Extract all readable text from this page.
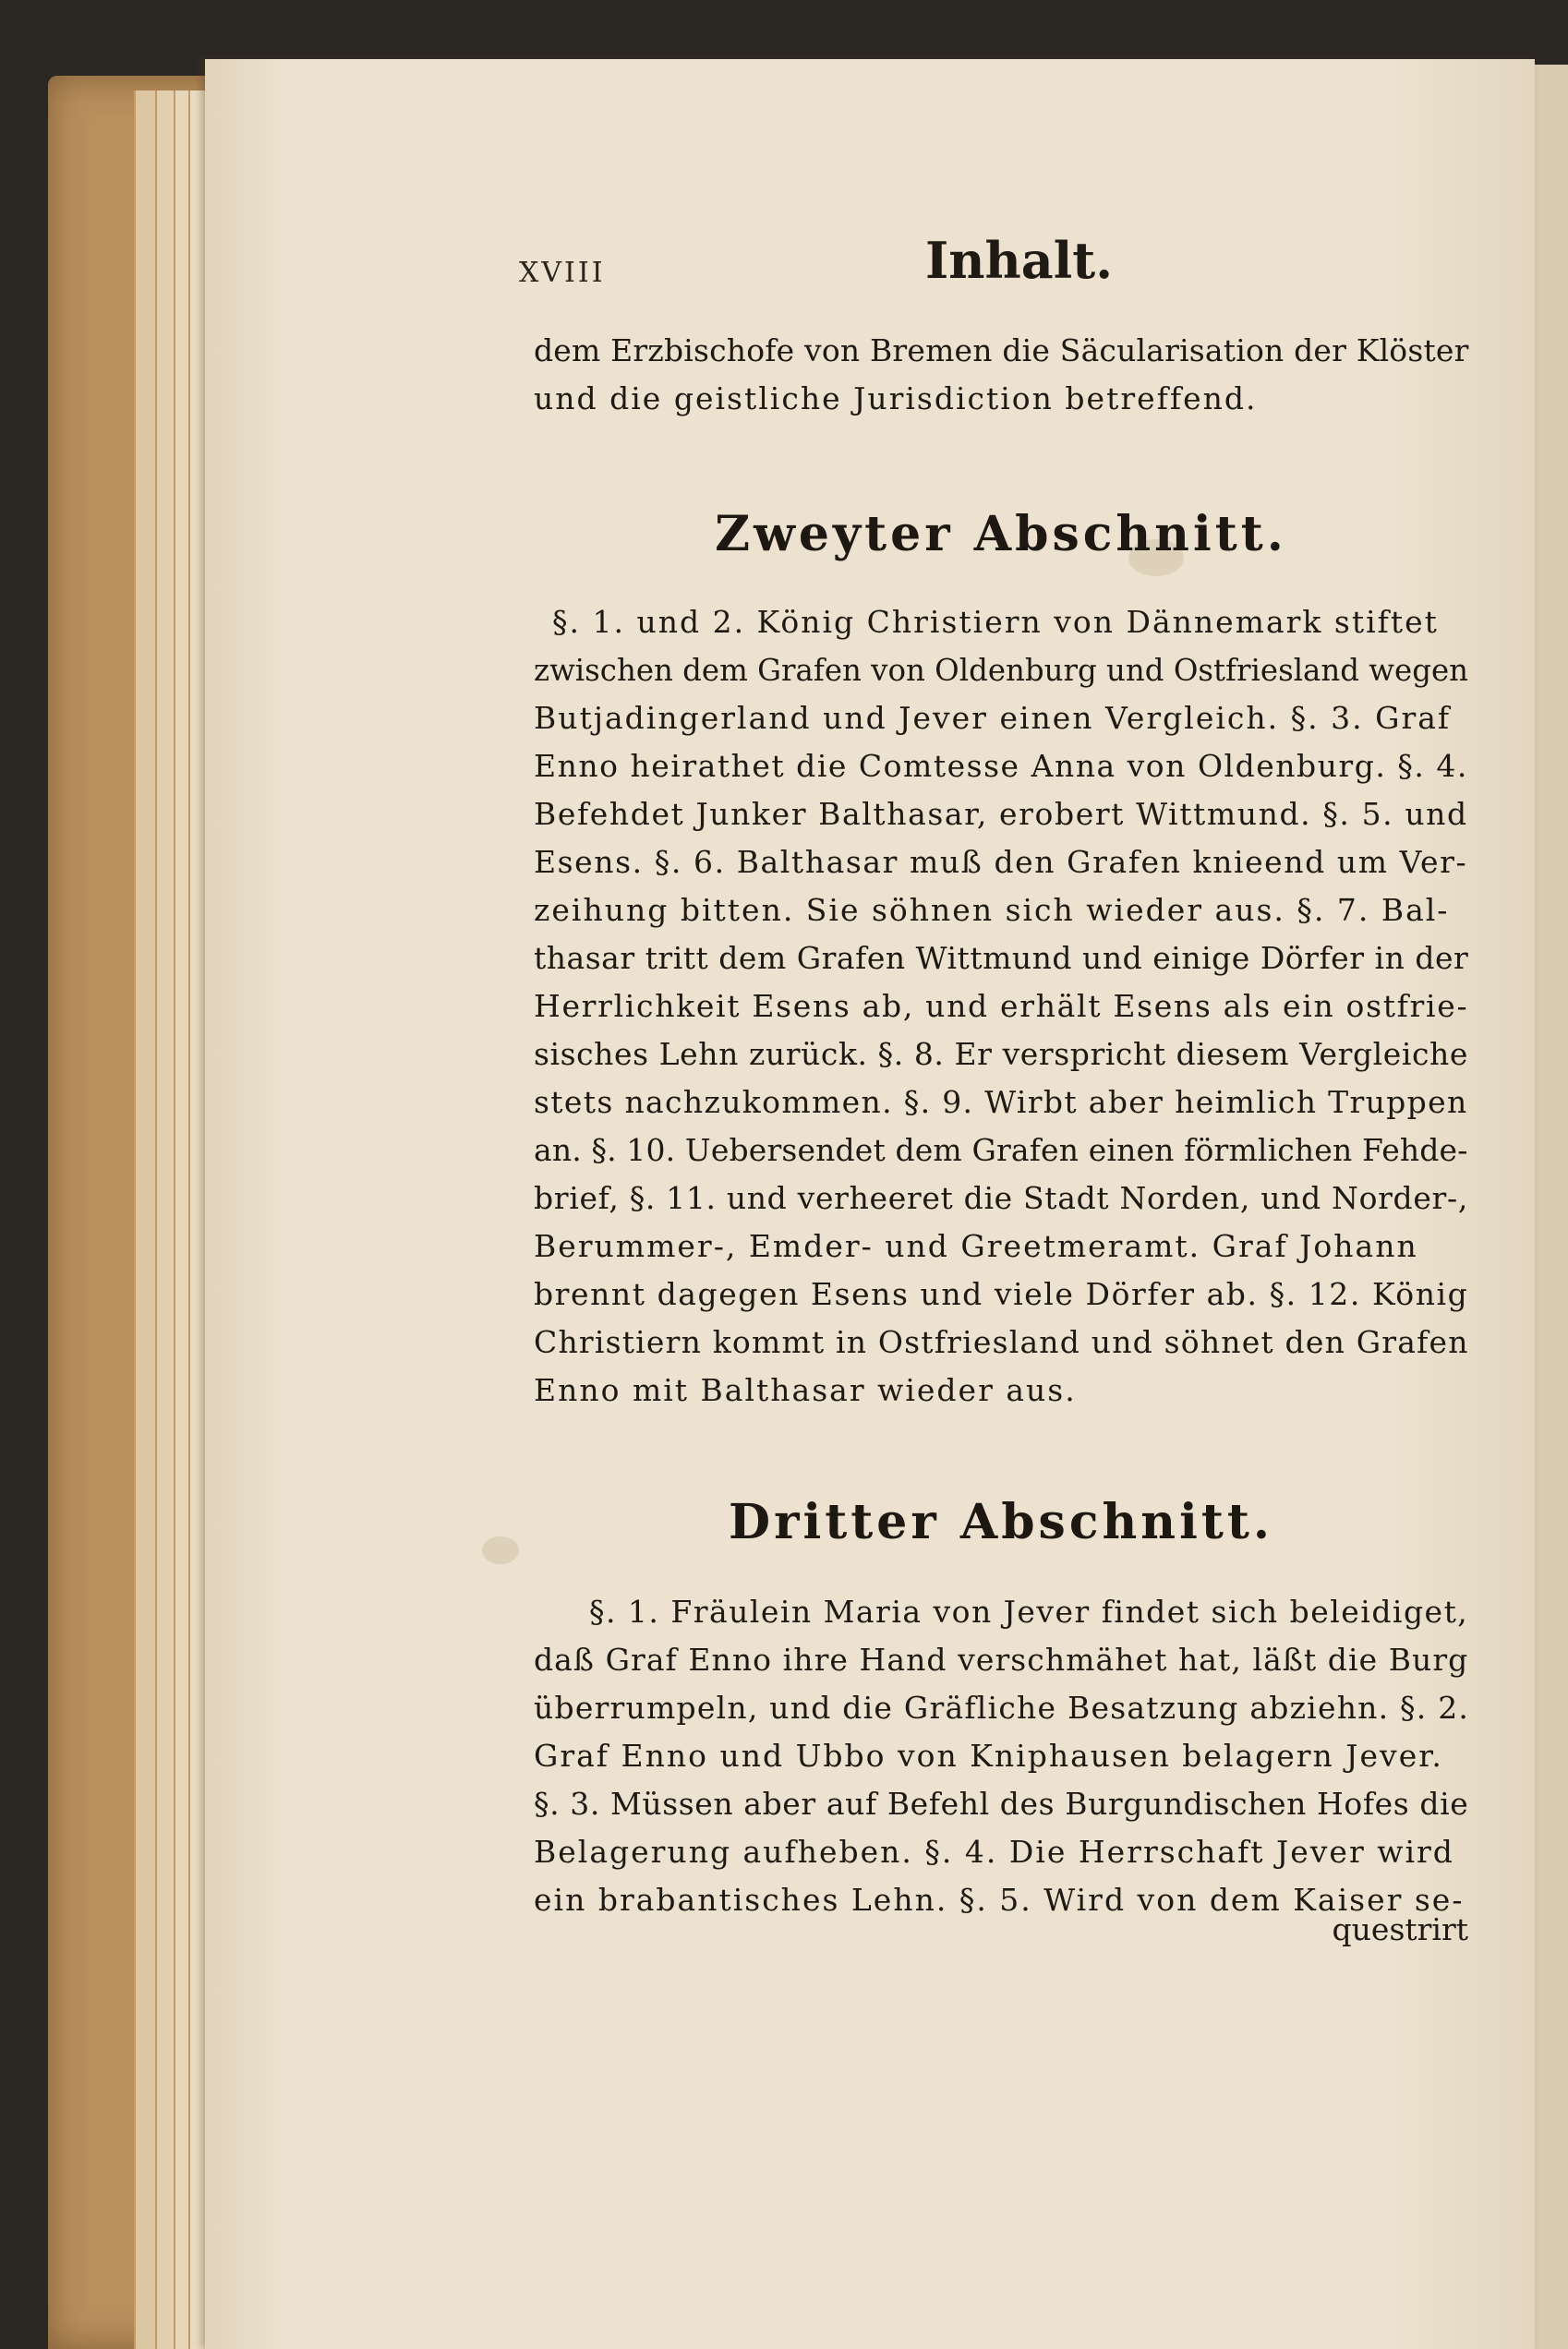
XVIII	Inhalt.
dem Erzbischofe von Bremen die Säcularisation der Klöster
und die geistliche Jurisdiction betreffend.
Zweyter Abschnitt.
§. 1. und 2. König Christiern von Dännemark stiftet
zwischen dem Grafen von Oldenburg und Ostfriesland wegen
Butjadingerland und Jever einen Vergleich. §. 3. Graf
Enno heirathet die Comtesse Anna von Oldenburg. §. 4.
Befehdet Junker Balthasar, erobert Wittmund. §. 5. und
Esens. §. 6. Balthasar muß den Grafen knieend um Ver-
zeihung bitten. Sie söhnen sich wieder aus. §. 7. Bal-
thasar tritt dem Grafen Wittmund und einige Dörfer in der
Herrlichkeit Esens ab, und erhält Esens als ein ostfrie-
sisches Lehn zurück. §. 8. Er verspricht diesem Vergleiche
stets nachzukommen. §. 9. Wirbt aber heimlich Truppen
an. §. 10. Uebersendet dem Grafen einen förmlichen Fehde-
brief, §. 11. und verheeret die Stadt Norden, und Norder-,
Berummer-, Emder- und Greetmeramt. Graf Johann
brennt dagegen Esens und viele Dörfer ab. §. 12. König
Christiern kommt in Ostfriesland und söhnet den Grafen
Enno mit Balthasar wieder aus.
Dritter Abschnitt.
§. 1. Fräulein Maria von Jever findet sich beleidiget,
daß Graf Enno ihre Hand verschmähet hat, läßt die Burg
überrumpeln, und die Gräfliche Besatzung abziehn. §. 2.
Graf Enno und Ubbo von Kniphausen belagern Jever.
§. 3. Müssen aber auf Befehl des Burgundischen Hofes die
Belagerung aufheben. §. 4. Die Herrschaft Jever wird
ein brabantisches Lehn. §. 5. Wird von dem Kaiser se-
questrirt
